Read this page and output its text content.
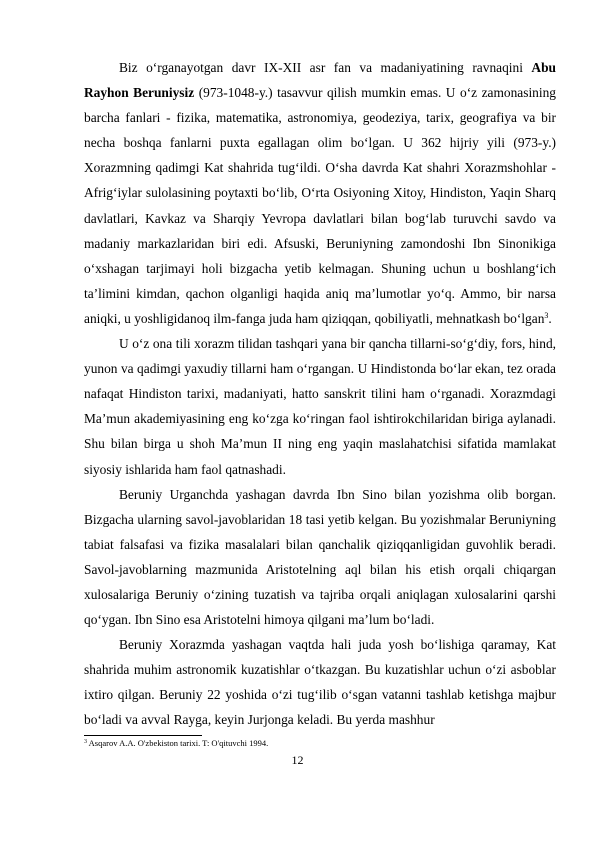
Biz o‘rganayotgan davr IX-XII asr fan va madaniyatining ravnaqini Abu Rayhon Beruniysiz (973-1048-y.) tasavvur qilish mumkin emas. U o‘z zamonasining barcha fanlari - fizika, matematika, astronomiya, geodeziya, tarix, geografiya va bir necha boshqa fanlarni puxta egallagan olim bo‘lgan. U 362 hijriy yili (973-y.) Xorazmning qadimgi Kat shahrida tug‘ildi. O‘sha davrda Kat shahri Xorazmshohlar - Afrig‘iylar sulolasining poytaxti bo‘lib, O‘rta Osiyoning Xitoy, Hindiston, Yaqin Sharq davlatlari, Kavkaz va Sharqiy Yevropa davlatlari bilan bog‘lab turuvchi savdo va madaniy markazlaridan biri edi. Afsuski, Beruniyning zamondoshi Ibn Sinonikiga o‘xshagan tarjimayi holi bizgacha yetib kelmagan. Shuning uchun u boshlang‘ich ta’limini kimdan, qachon olganligi haqida aniq ma’lumotlar yo‘q. Ammo, bir narsa aniqki, u yoshligidanoq ilm-fanga juda ham qiziqqan, qobiliyatli, mehnatkash bo‘lgan$^3$.

U o‘z ona tili xorazm tilidan tashqari yana bir qancha tillarni-so‘g‘diy, fors, hind, yunon va qadimgi yaxudiy tillarni ham o‘rgangan. U Hindistonda bo‘lar ekan, tez orada nafaqat Hindiston tarixi, madaniyati, hatto sanskrit tilini ham o‘rganadi. Xorazmdagi Ma’mun akademiyasining eng ko‘zga ko‘ringan faol ishtirokchilaridan biriga aylanadi. Shu bilan birga u shoh Ma’mun II ning eng yaqin maslahatchisi sifatida mamlakat siyosiy ishlarida ham faol qatnashadi.

Beruniy Urganchda yashagan davrda Ibn Sino bilan yozishma olib borgan. Bizgacha ularning savol-javoblaridan 18 tasi yetib kelgan. Bu yozishmalar Beruniyning tabiat falsafasi va fizika masalalari bilan qanchalik qiziqqanligidan guvohlik beradi. Savol-javoblarning mazmunida Aristotelning aql bilan his etish orqali chiqargan xulosalariga Beruniy o‘zining tuzatish va tajriba orqali aniqlagan xulosalarini qarshi qo‘ygan. Ibn Sino esa Aristotelni himoya qilgani ma’lum bo‘ladi.

Beruniy Xorazmda yashagan vaqtda hali juda yosh bo‘lishiga qaramay, Kat shahrida muhim astronomik kuzatishlar o‘tkazgan. Bu kuzatishlar uchun o‘zi asboblar ixtiro qilgan. Beruniy 22 yoshida o‘zi tug‘ilib o‘sgan vatanni tashlab ketishga majbur bo‘ladi va avval Rayga, keyin Jurjonga keladi. Bu yerda mashhur

$^3$ Asqarov A.A. O'zbekiston tarixi. T: O'qituvchi 1994.
12
